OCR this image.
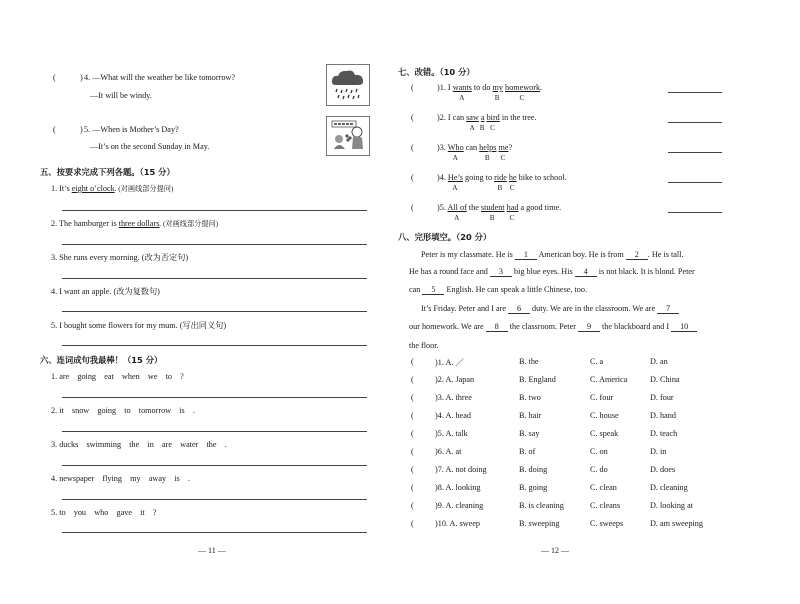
(	) 4. —What will the weather be like tomorrow?
—It will be windy.
(	) 5. —When is Mother’s Day?
—It’s on the second Sunday in May.
五、按要求完成下列各题。（15 分）
1. It’s eight o’clock. (对画线部分提问)
2. The hamburger is three dollars. (对画线部分提问)
3. She runs every morning. (改为否定句)
4. I want an apple. (改为复数句)
5. I bought some flowers for my mum. (写出同义句)
六、连词成句我最棒！（15 分）
1. are    going    eat    when    we    to    ?
2. it    snow    going    to    tomorrow    is    .
3. ducks    swimming    the    in    are    water    the    .
4. newspaper    flying    my    away    is    .
5. to    you    who    gave    it    ?
— 11 —
七、改错。（10 分）
(	)1. I wants to do my homework.
A	B	C
(	)2. I can saw a bird in the tree.
A B C
(	)3. Who can helps me?
A	B C
(	)4. He’s going to ride he bike to school.
A	B C
(	)5. All of the student had a good time.
A	B C
八、完形填空。（20 分）
Peter is my classmate. He is 1 American boy. He is from 2 . He is tall.
He has a round face and 3 big blue eyes. His 4 is not black. It is blond. Peter
can 5 English. He can speak a little Chinese, too.
It’s Friday. Peter and I are 6 duty. We are in the classroom. We are 7
our homework. We are 8 the classroom. Peter 9 the blackboard and I 10
the floor.
(	)1. A. ／	B. the	C. a	D. an
(	)2. A. Japan	B. England	C. America	D. China
(	)3. A. three	B. two	C. four	D. four
(	)4. A. head	B. hair	C. house	D. hand
(	)5. A. talk	B. say	C. speak	D. teach
(	)6. A. at	B. of	C. on	D. in
(	)7. A. not doing	B. doing	C. do	D. does
(	)8. A. looking	B. going	C. clean	D. cleaning
(	)9. A. cleaning	B. is cleaning	C. cleans	D. looking at
(	)10. A. sweep	B. sweeping	C. sweeps	D. am sweeping
— 12 —
